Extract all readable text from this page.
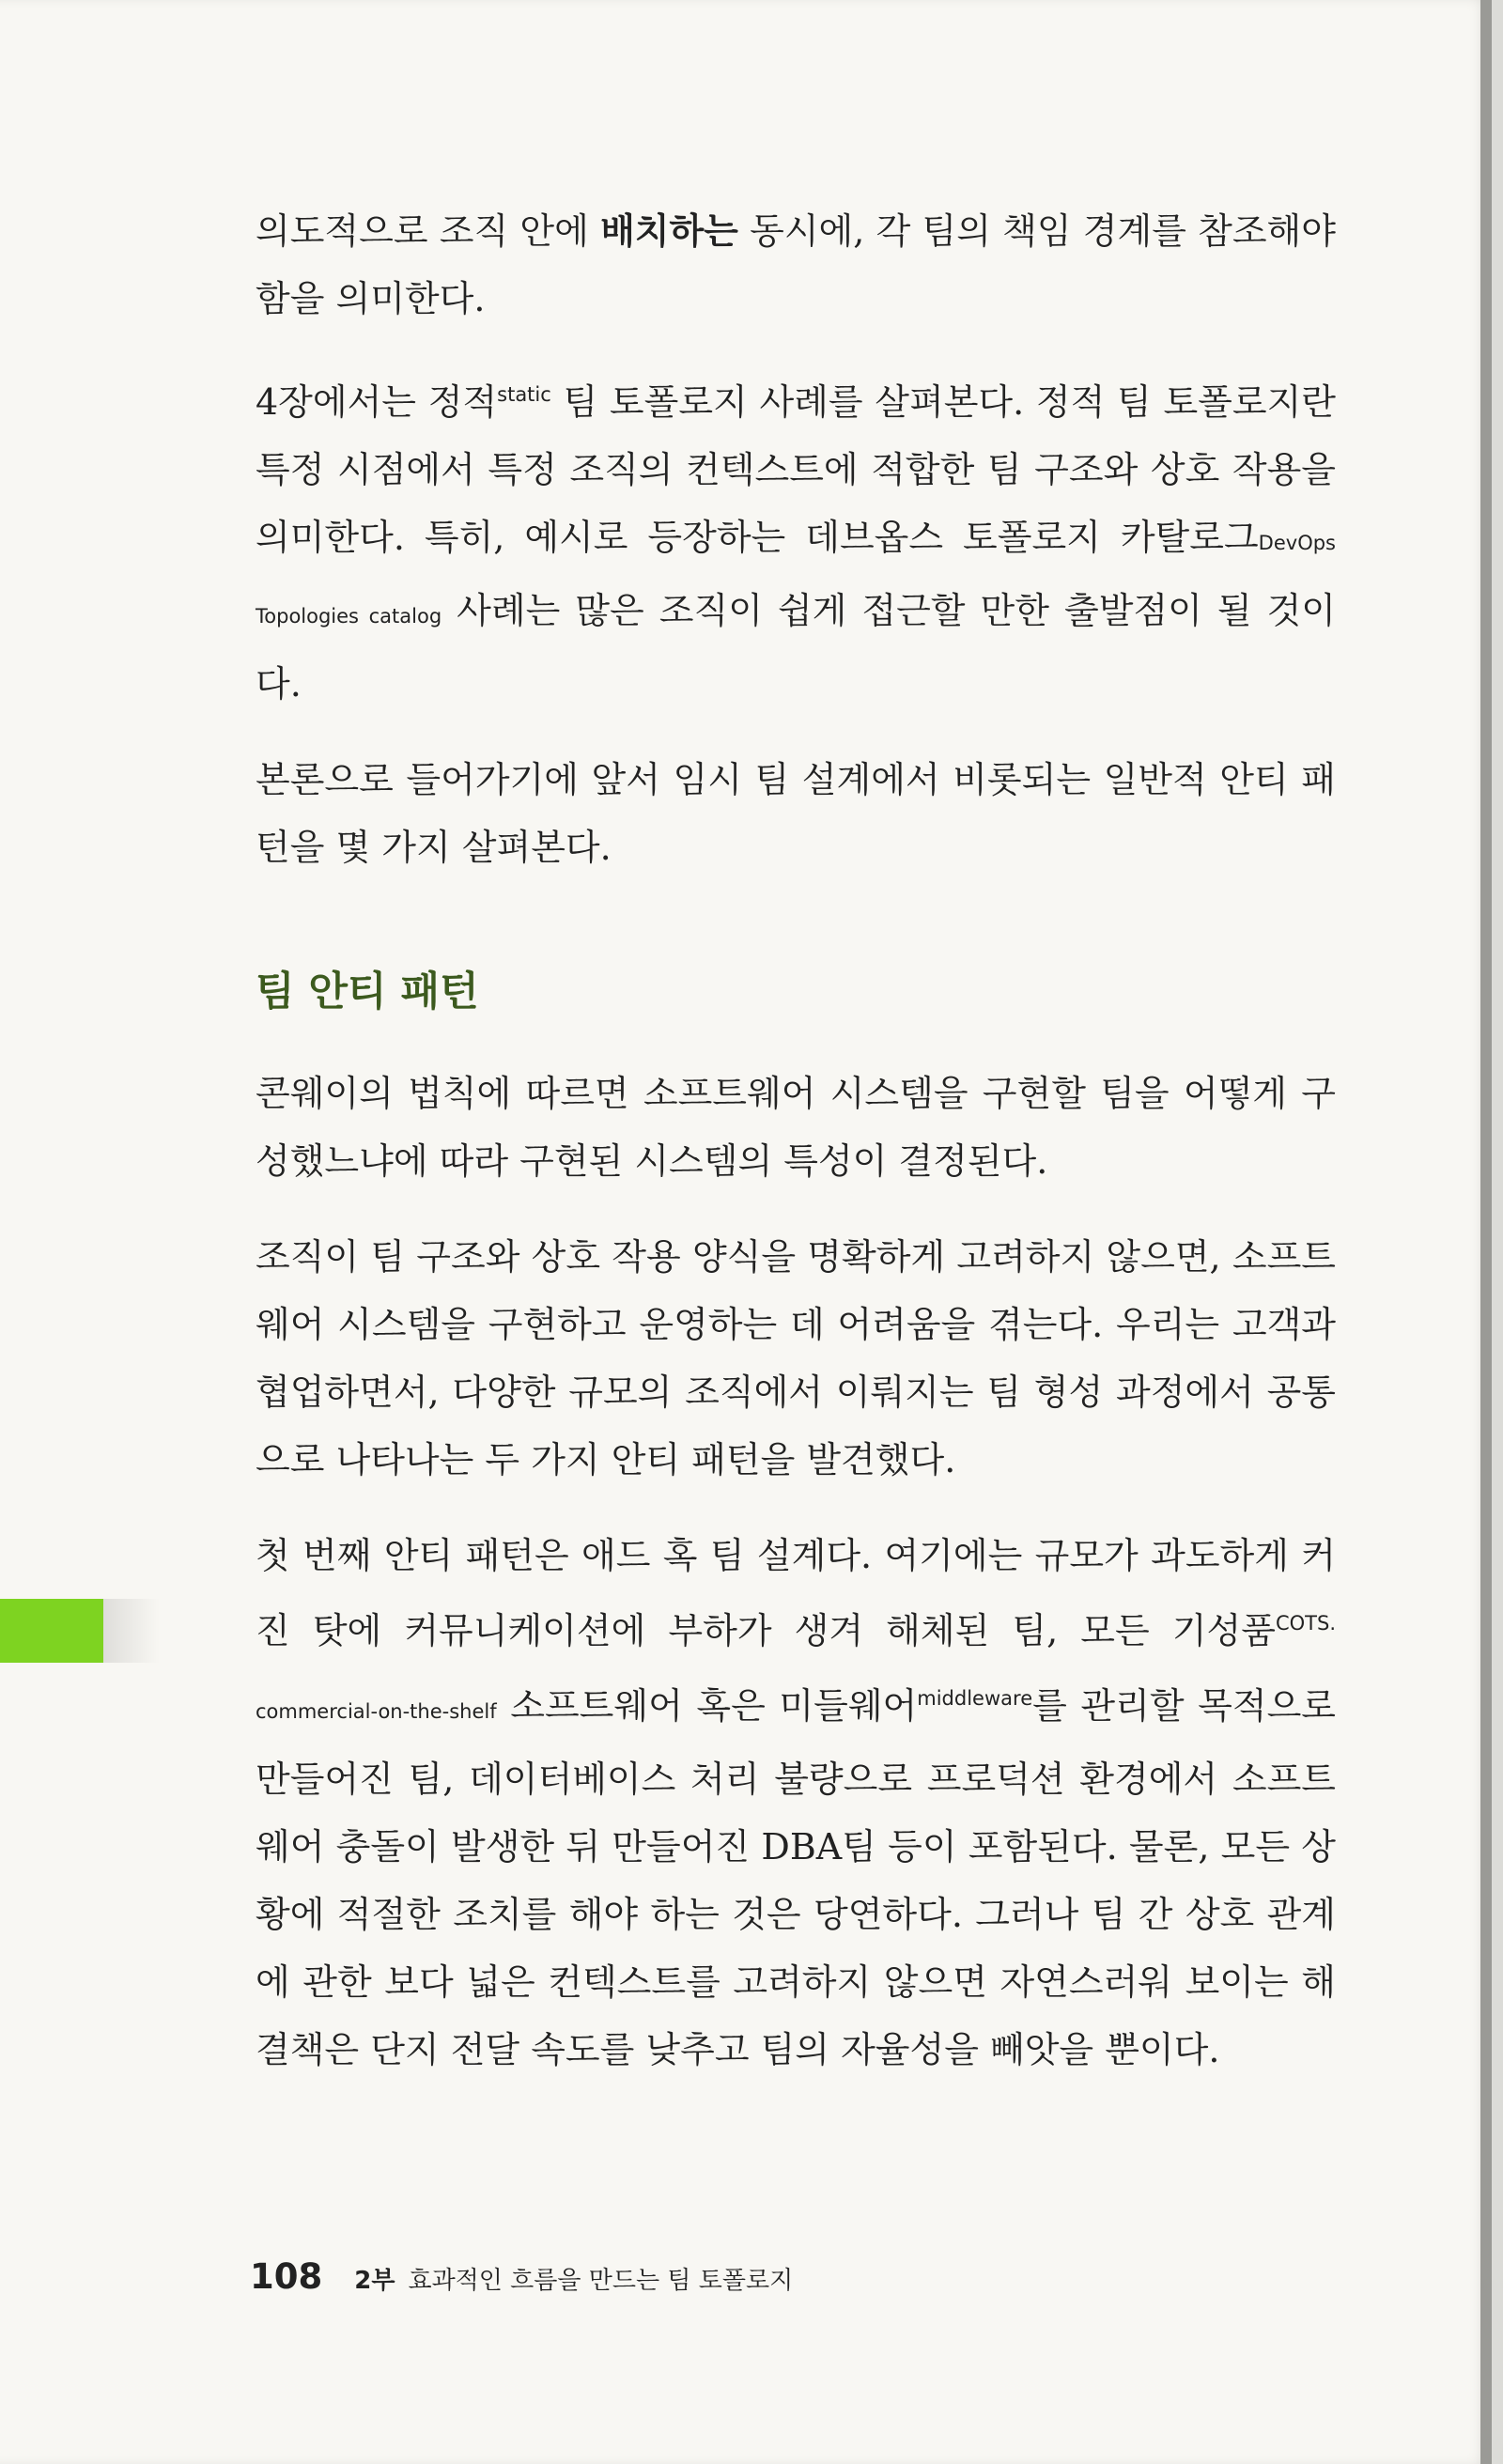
의도적으로 조직 안에 배치하는 동시에, 각 팀의 책임 경계를 참조해야 함을 의미한다.

4장에서는 정적$^{static}$ 팀 토폴로지 사례를 살펴본다. 정적 팀 토폴로지란 특정 시점에서 특정 조직의 컨텍스트에 적합한 팀 구조와 상호 작용을 의미한다. 특히, 예시로 등장하는 데브옵스 토폴로지 카탈로그DevOps Topologies catalog 사례는 많은 조직이 쉽게 접근할 만한 출발점이 될 것이다.

본론으로 들어가기에 앞서 임시 팀 설계에서 비롯되는 일반적 안티 패턴을 몇 가지 살펴본다.

팀 안티 패턴

콘웨이의 법칙에 따르면 소프트웨어 시스템을 구현할 팀을 어떻게 구성했느냐에 따라 구현된 시스템의 특성이 결정된다.

조직이 팀 구조와 상호 작용 양식을 명확하게 고려하지 않으면, 소프트웨어 시스템을 구현하고 운영하는 데 어려움을 겪는다. 우리는 고객과 협업하면서, 다양한 규모의 조직에서 이뤄지는 팀 형성 과정에서 공통으로 나타나는 두 가지 안티 패턴을 발견했다.

첫 번째 안티 패턴은 애드 혹 팀 설계다. 여기에는 규모가 과도하게 커진 탓에 커뮤니케이션에 부하가 생겨 해체된 팀, 모든 기성품$^{COTS.}$ commercial-on-the-shelf 소프트웨어 혹은 미들웨어$^{middleware}$를 관리할 목적으로 만들어진 팀, 데이터베이스 처리 불량으로 프로덕션 환경에서 소프트웨어 충돌이 발생한 뒤 만들어진 DBA팀 등이 포함된다. 물론, 모든 상황에 적절한 조치를 해야 하는 것은 당연하다. 그러나 팀 간 상호 관계에 관한 보다 넓은 컨텍스트를 고려하지 않으면 자연스러워 보이는 해결책은 단지 전달 속도를 낮추고 팀의 자율성을 빼앗을 뿐이다.

108 2부 효과적인 흐름을 만드는 팀 토폴로지
